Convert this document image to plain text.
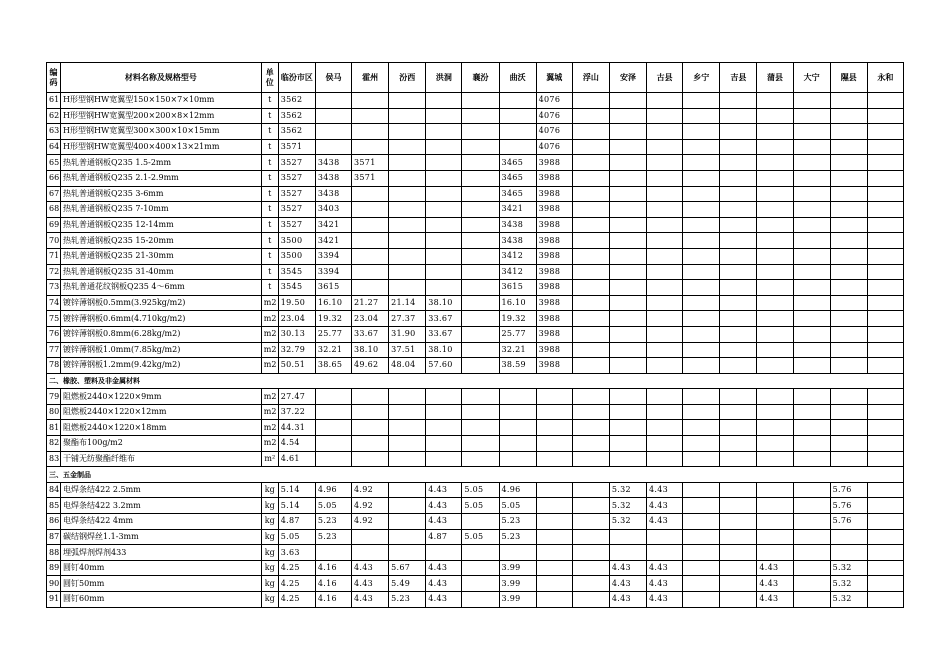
编码	材料名称及规格型号	单位	临汾市区	侯马	霍州	汾西	洪洞	襄汾	曲沃	翼城	浮山	安泽	古县	乡宁	吉县	蒲县	大宁	隰县	永和
61	H形型钢HW宽翼型150×150×7×10mm	t	3562							4076									
62	H形型钢HW宽翼型200×200×8×12mm	t	3562							4076									
63	H形型钢HW宽翼型300×300×10×15mm	t	3562							4076									
64	H形型钢HW宽翼型400×400×13×21mm	t	3571							4076									
65	热轧普通钢板Q235 1.5-2mm	t	3527	3438	3571				3465	3988									
66	热轧普通钢板Q235 2.1-2.9mm	t	3527	3438	3571				3465	3988									
67	热轧普通钢板Q235 3-6mm	t	3527	3438					3465	3988									
68	热轧普通钢板Q235 7-10mm	t	3527	3403					3421	3988									
69	热轧普通钢板Q235 12-14mm	t	3527	3421					3438	3988									
70	热轧普通钢板Q235 15-20mm	t	3500	3421					3438	3988									
71	热轧普通钢板Q235 21-30mm	t	3500	3394					3412	3988									
72	热轧普通钢板Q235 31-40mm	t	3545	3394					3412	3988									
73	热轧普通花纹钢板Q235 4～6mm	t	3545	3615					3615	3988									
74	镀锌薄钢板0.5mm(3.925kg/m2)	m2	19.50	16.10	21.27	21.14	38.10		16.10	3988									
75	镀锌薄钢板0.6mm(4.710kg/m2)	m2	23.04	19.32	23.04	27.37	33.67		19.32	3988									
76	镀锌薄钢板0.8mm(6.28kg/m2)	m2	30.13	25.77	33.67	31.90	33.67		25.77	3988									
77	镀锌薄钢板1.0mm(7.85kg/m2)	m2	32.79	32.21	38.10	37.51	38.10		32.21	3988									
78	镀锌薄钢板1.2mm(9.42kg/m2)	m2	50.51	38.65	49.62	48.04	57.60		38.59	3988									
二、橡胶、塑料及非金属材料																			
79	阻燃板2440×1220×9mm	m2	27.47																
80	阻燃板2440×1220×12mm	m2	37.22																
81	阻燃板2440×1220×18mm	m2	44.31																
82	聚酯布100g/m2	m2	4.54																
83	干铺无纺聚酯纤维布	m²	4.61																
三、五金制品																			
84	电焊条结422 2.5mm	kg	5.14	4.96	4.92		4.43	5.05	4.96			5.32	4.43					5.76	
85	电焊条结422 3.2mm	kg	5.14	5.05	4.92		4.43	5.05	5.05			5.32	4.43					5.76	
86	电焊条结422 4mm	kg	4.87	5.23	4.92		4.43		5.23			5.32	4.43					5.76	
87	碳结钢焊丝1.1-3mm	kg	5.05	5.23			4.87	5.05	5.23										
88	埋弧焊剂焊剂433	kg	3.63																
89	圆钉40mm	kg	4.25	4.16	4.43	5.67	4.43		3.99			4.43	4.43			4.43		5.32	
90	圆钉50mm	kg	4.25	4.16	4.43	5.49	4.43		3.99			4.43	4.43			4.43		5.32	
91	圆钉60mm	kg	4.25	4.16	4.43	5.23	4.43		3.99			4.43	4.43			4.43		5.32	
